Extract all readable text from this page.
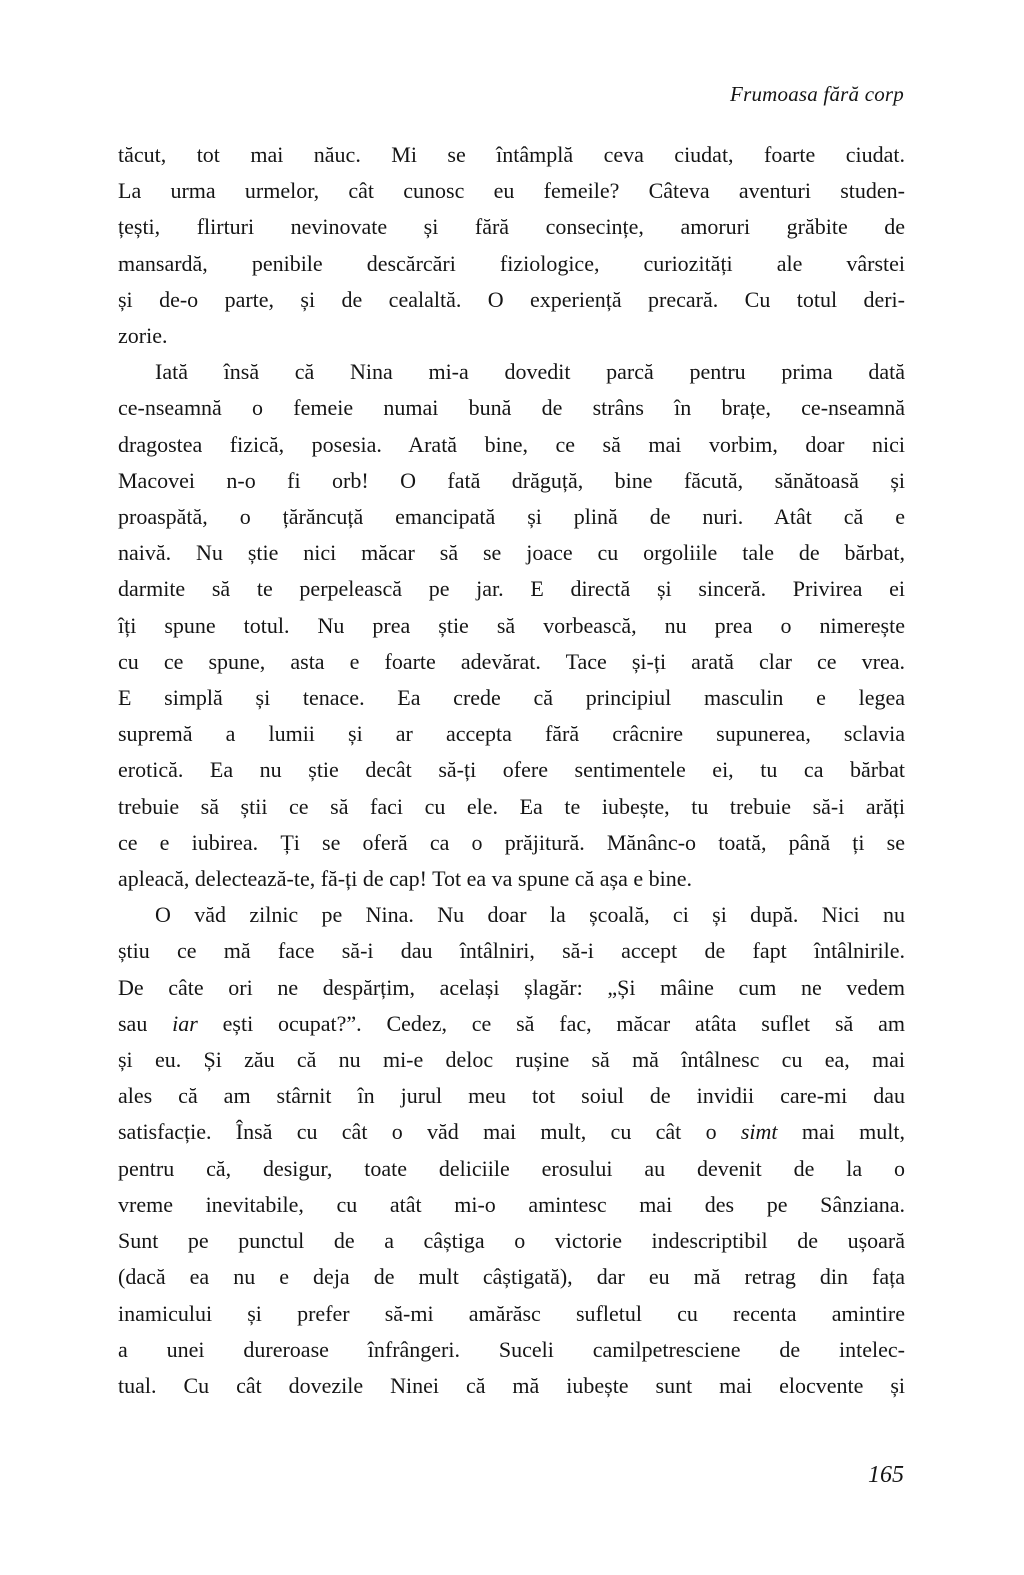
Frumoasa fără corp
tăcut, tot mai năuc. Mi se întâmplă ceva ciudat, foarte ciudat.
La urma urmelor, cât cunosc eu femeile? Câteva aventuri studen-
țești, flirturi nevinovate și fără consecințe, amoruri grăbite de
mansardă, penibile descărcări fiziologice, curiozități ale vârstei
și de-o parte, și de cealaltă. O experiență precară. Cu totul deri-
zorie.
Iată însă că Nina mi-a dovedit parcă pentru prima dată
ce-nseamnă o femeie numai bună de strâns în brațe, ce-nseamnă
dragostea fizică, posesia. Arată bine, ce să mai vorbim, doar nici
Macovei n-o fi orb! O fată drăguță, bine făcută, sănătoasă și
proaspătă, o țărăncuță emancipată și plină de nuri. Atât că e
naivă. Nu știe nici măcar să se joace cu orgoliile tale de bărbat,
darmite să te perpelească pe jar. E directă și sinceră. Privirea ei
îți spune totul. Nu prea știe să vorbească, nu prea o nimerește
cu ce spune, asta e foarte adevărat. Tace și-ți arată clar ce vrea.
E simplă și tenace. Ea crede că principiul masculin e legea
supremă a lumii și ar accepta fără crâcnire supunerea, sclavia
erotică. Ea nu știe decât să-ți ofere sentimentele ei, tu ca bărbat
trebuie să știi ce să faci cu ele. Ea te iubește, tu trebuie să-i arăți
ce e iubirea. Ți se oferă ca o prăjitură. Mănânc-o toată, până ți se
apleacă, delectează-te, fă-ți de cap! Tot ea va spune că așa e bine.
O văd zilnic pe Nina. Nu doar la școală, ci și după. Nici nu
știu ce mă face să-i dau întâlniri, să-i accept de fapt întâlnirile.
De câte ori ne despărțim, același șlagăr: „Și mâine cum ne vedem
sau iar ești ocupat?”. Cedez, ce să fac, măcar atâta suflet să am
și eu. Și zău că nu mi-e deloc rușine să mă întâlnesc cu ea, mai
ales că am stârnit în jurul meu tot soiul de invidii care-mi dau
satisfacție. Însă cu cât o văd mai mult, cu cât o simt mai mult,
pentru că, desigur, toate deliciile erosului au devenit de la o
vreme inevitabile, cu atât mi-o amintesc mai des pe Sânziana.
Sunt pe punctul de a câștiga o victorie indescriptibil de ușoară
(dacă ea nu e deja de mult câștigată), dar eu mă retrag din fața
inamicului și prefer să-mi amărăsc sufletul cu recenta amintire
a unei dureroase înfrângeri. Suceli camilpetresciene de intelec-
tual. Cu cât dovezile Ninei că mă iubește sunt mai elocvente și
165
